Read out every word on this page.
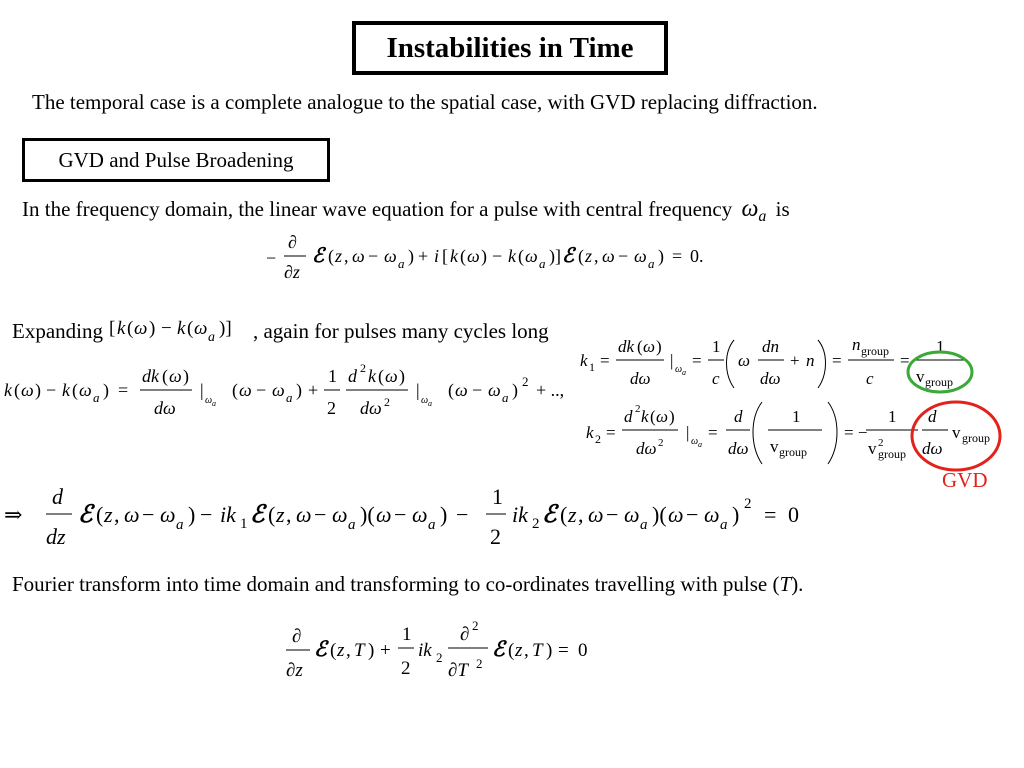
Instabilities in Time
The temporal case is a complete analogue to the spatial case, with GVD replacing diffraction.
GVD and Pulse Broadening
In the frequency domain, the linear wave equation for a pulse with central frequency $\omega_a$ is
−
∂
∂z
ℰ ( z , ω − ω a ) + i [ k ( ω ) − k ( ω a )] ℰ ( z , ω − ω a ) = 0.
Expanding [ k ( ω ) − k ( ω a )] , again for pulses many cycles long
k ( ω ) − k ( ω a ) =
dk ( ω )
dω
|
ω a
( ω − ω a ) +
1
2
d 2 k ( ω )
dω 2
|
ω a
( ω − ω a ) 2 + ..,
k 1 =
dk ( ω )
dω
| ω a
=
1
c
ω
dn
dω
+ n =
n group
c
=
1
v group
k 2 =
d 2 k ( ω )
dω 2
| ω a
=
d
dω
1
v group
= −
1
v 2
group
d
dω
v group
GVD
⇒
d
dz
ℰ ( z , ω − ω a ) − ik 1 ℰ ( z , ω − ω a )( ω − ω a ) −
1
2
ik 2 ℰ ( z , ω − ω a )( ω − ω a ) 2 = 0
Fourier transform into time domain and transforming to co-ordinates travelling with pulse (T).
∂
∂z
ℰ ( z , T ) +
1
2
ik 2
∂ 2
∂T 2
ℰ ( z , T ) = 0
